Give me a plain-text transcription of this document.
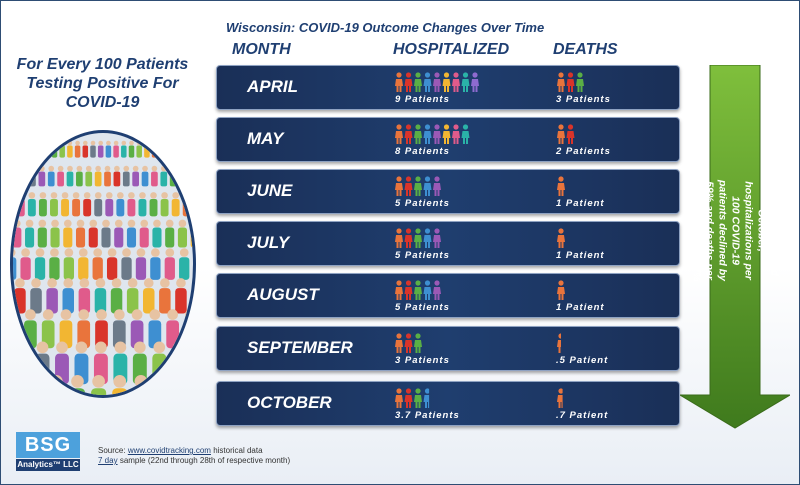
Wisconsin: COVID-19 Outcome Changes Over Time
MONTH	HOSPITALIZED	DEATHS
For Every 100 Patients
Testing Positive For
COVID-19
APRIL
9 Patients	3 Patients
MAY
8 Patients	2 Patients
JUNE
5 Patients	1 Patient
JULY
5 Patients	1 Patient
AUGUST
5 Patients	1 Patient
SEPTEMBER
3 Patients	.5 Patient
OCTOBER
3.7 Patients	.7 Patient
Between April and October, hospitalizations per 100 COVID-19 patients declined by 59% and deaths per 100 declined by 77%
BSG
Analytics™ LLC
Source: www.covidtracking.com historical data
7 day sample (22nd through 28th of respective month)
